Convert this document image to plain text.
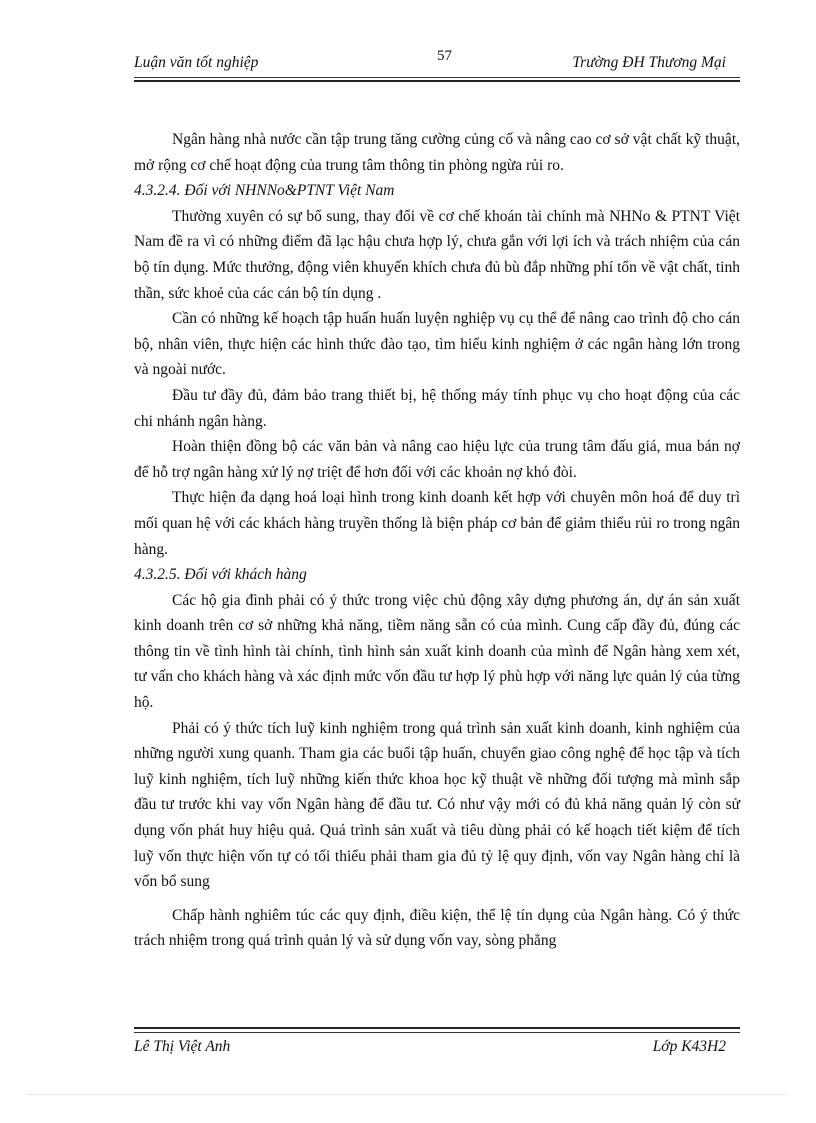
Luận văn tốt nghiệp	57	Trường ĐH Thương Mại

Ngân hàng nhà nước cần tập trung tăng cường củng cố và nâng cao cơ sở vật chất kỹ thuật, mở rộng cơ chế hoạt động của trung tâm thông tin phòng ngừa rủi ro.

4.3.2.4. Đối với NHNNo&PTNT Việt Nam

Thường xuyên có sự bổ sung, thay đổi về cơ chế khoán tài chính mà NHNo & PTNT Việt Nam đề ra vì có những điểm đã lạc hậu chưa hợp lý, chưa gắn với lợi ích và trách nhiệm của cán bộ tín dụng. Mức thưởng, động viên khuyến khích chưa đủ bù đắp những phí tổn về vật chất, tinh thần, sức khoẻ của các cán bộ tín dụng .

Cần có những kế hoạch tập huấn huấn luyện nghiệp vụ cụ thể để nâng cao trình độ cho cán bộ, nhân viên, thực hiện các hình thức đào tạo, tìm hiểu kinh nghiệm ở các ngân hàng lớn trong và ngoài nước.

Đầu tư đầy đủ, đảm bảo trang thiết bị, hệ thống máy tính phục vụ cho hoạt động của các chi nhánh ngân hàng.

Hoàn thiện đồng bộ các văn bản và nâng cao hiệu lực của trung tâm đấu giá, mua bán nợ để hỗ trợ ngân hàng xử lý nợ triệt để hơn đối với các khoản nợ khó đòi.

Thực hiện đa dạng hoá loại hình trong kinh doanh kết hợp với chuyên môn hoá để duy trì mối quan hệ với các khách hàng truyền thống là biện pháp cơ bản để giảm thiểu rủi ro trong ngân hàng.

4.3.2.5. Đối với khách hàng

Các hộ gia đình phải có ý thức trong việc chủ động xây dựng phương án, dự án sản xuất kinh doanh trên cơ sở những khả năng, tiềm năng sẵn có của mình. Cung cấp đầy đủ, đúng các thông tin về tình hình tài chính, tình hình sản xuất kinh doanh của mình để Ngân hàng xem xét, tư vấn cho khách hàng và xác định mức vốn đầu tư hợp lý phù hợp với năng lực quản lý của từng hộ.

Phải có ý thức tích luỹ kinh nghiệm trong quá trình sản xuất kinh doanh, kinh nghiệm của những người xung quanh. Tham gia các buổi tập huấn, chuyển giao công nghệ để học tập và tích luỹ kinh nghiệm, tích luỹ những kiến thức khoa học kỹ thuật về những đối tượng mà mình sắp đầu tư trước khi vay vốn Ngân hàng để đầu tư. Có như vậy mới có đủ khả năng quản lý còn sử dụng vốn phát huy hiệu quả. Quá trình sản xuất và tiêu dùng phải có kế hoạch tiết kiệm để tích luỹ vốn thực hiện vốn tự có tối thiểu phải tham gia đủ tỷ lệ quy định, vốn vay Ngân hàng chỉ là vốn bổ sung

Chấp hành nghiêm túc các quy định, điều kiện, thể lệ tín dụng của Ngân hàng. Có ý thức trách nhiệm trong quá trình quản lý và sử dụng vốn vay, sòng phẳng

Lê Thị Việt Anh	Lớp K43H2
